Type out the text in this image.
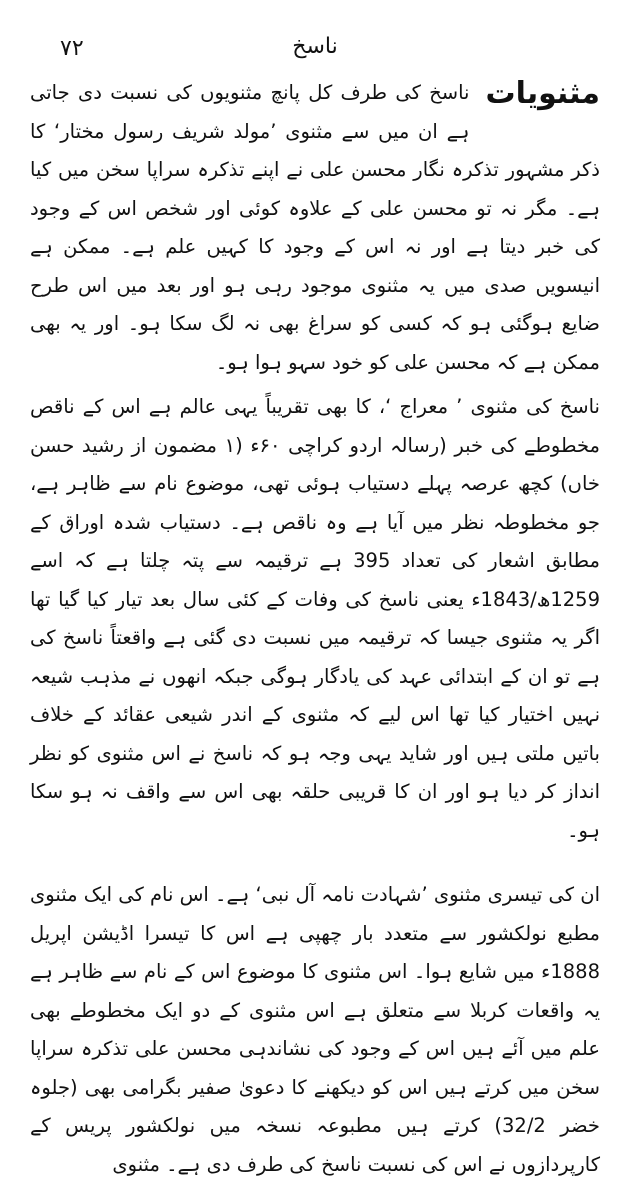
ناسخ
۷۲
مثنویات

ناسخ کی طرف کل پانچ مثنویوں کی نسبت دی جاتی ہے ان میں سے مثنوی ’مولد شریف رسول مختار‘ کا ذکر مشہور تذکرہ نگار محسن علی نے اپنے تذکرہ سراپا سخن میں کیا ہے۔ مگر نہ تو محسن علی کے علاوہ کوئی اور شخص اس کے وجود کی خبر دیتا ہے اور نہ اس کے وجود کا کہیں علم ہے۔ ممکن ہے انیسویں صدی میں یہ مثنوی موجود رہی ہو اور بعد میں اس طرح ضایع ہوگئی ہو کہ کسی کو سراغ بھی نہ لگ سکا ہو۔ اور یہ بھی ممکن ہے کہ محسن علی کو خود سہو ہوا ہو۔

ناسخ کی مثنوی ’ معراج ‘، کا بھی تقریباً یہی عالم ہے اس کے ناقص مخطوطے کی خبر (رسالہ اردو کراچی ۶۰ء (۱ مضمون از رشید حسن خاں) کچھ عرصہ پہلے دستیاب ہوئی تھی، موضوع نام سے ظاہر ہے، جو مخطوطہ نظر میں آیا ہے وہ ناقص ہے۔ دستیاب شدہ اوراق کے مطابق اشعار کی تعداد 395 ہے ترقیمہ سے پتہ چلتا ہے کہ اسے 1259ھ/1843ء یعنی ناسخ کی وفات کے کئی سال بعد تیار کیا گیا تھا اگر یہ مثنوی جیسا کہ ترقیمہ میں نسبت دی گئی ہے واقعتاً ناسخ کی ہے تو ان کے ابتدائی عہد کی یادگار ہوگی جبکہ انھوں نے مذہب شیعہ نہیں اختیار کیا تھا اس لیے کہ مثنوی کے اندر شیعی عقائد کے خلاف باتیں ملتی ہیں اور شاید یہی وجہ ہو کہ ناسخ نے اس مثنوی کو نظر انداز کر دیا ہو اور ان کا قریبی حلقہ بھی اس سے واقف نہ ہو سکا ہو۔

ان کی تیسری مثنوی ’شہادت نامہ آل نبی‘ ہے۔ اس نام کی ایک مثنوی مطبع نولکشور سے متعدد بار چھپی ہے اس کا تیسرا اڈیشن اپریل 1888ء میں شایع ہوا۔ اس مثنوی کا موضوع اس کے نام سے ظاہر ہے یہ واقعات کربلا سے متعلق ہے اس مثنوی کے دو ایک مخطوطے بھی علم میں آئے ہیں اس کے وجود کی نشاندہی محسن علی تذکرہ سراپا سخن میں کرتے ہیں اس کو دیکھنے کا دعویٰ صفیر بگرامی بھی (جلوہ خضر 32/2) کرتے ہیں مطبوعہ نسخہ میں نولکشور پریس کے کارپردازوں نے اس کی نسبت ناسخ کی طرف دی ہے۔ مثنوی
